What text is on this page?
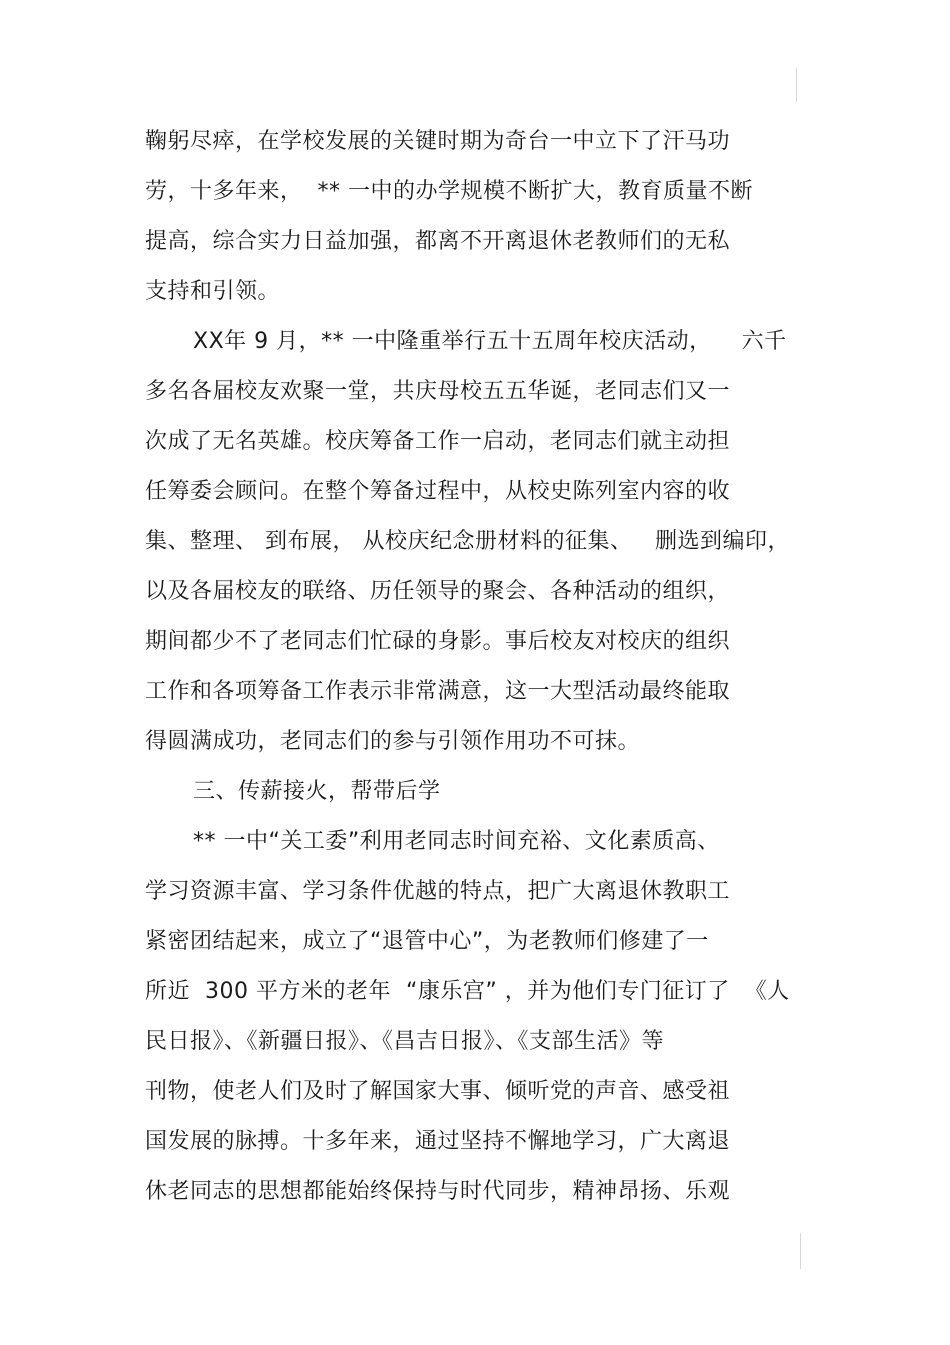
鞠躬尽瘁，在学校发展的关键时期为奇台一中立下了汗马功
劳，十多年来，  ** 一中的办学规模不断扩大，教育质量不断
提高，综合实力日益加强，都离不开离退休老教师们的无私
支持和引领。
XX年 9 月，** 一中隆重举行五十五周年校庆活动，    六千
多名各届校友欢聚一堂，共庆母校五五华诞，老同志们又一
次成了无名英雄。校庆筹备工作一启动，老同志们就主动担
任筹委会顾问。在整个筹备过程中，从校史陈列室内容的收
集、整理、 到布展， 从校庆纪念册材料的征集、   删选到编印，
以及各届校友的联络、历任领导的聚会、各种活动的组织，
期间都少不了老同志们忙碌的身影。事后校友对校庆的组织
工作和各项筹备工作表示非常满意，这一大型活动最终能取
得圆满成功，老同志们的参与引领作用功不可抹。
三、传薪接火，帮带后学
** 一中“关工委”利用老同志时间充裕、文化素质高、
学习资源丰富、学习条件优越的特点，把广大离退休教职工
紧密团结起来，成立了“退管中心”，为老教师们修建了一
所近  300 平方米的老年  “康乐宫” ，并为他们专门征订了  《人
民日报》、《新疆日报》、《昌吉日报》、《支部生活》等
刊物，使老人们及时了解国家大事、倾听党的声音、感受祖
国发展的脉搏。十多年来，通过坚持不懈地学习，广大离退
休老同志的思想都能始终保持与时代同步，精神昂扬、乐观
